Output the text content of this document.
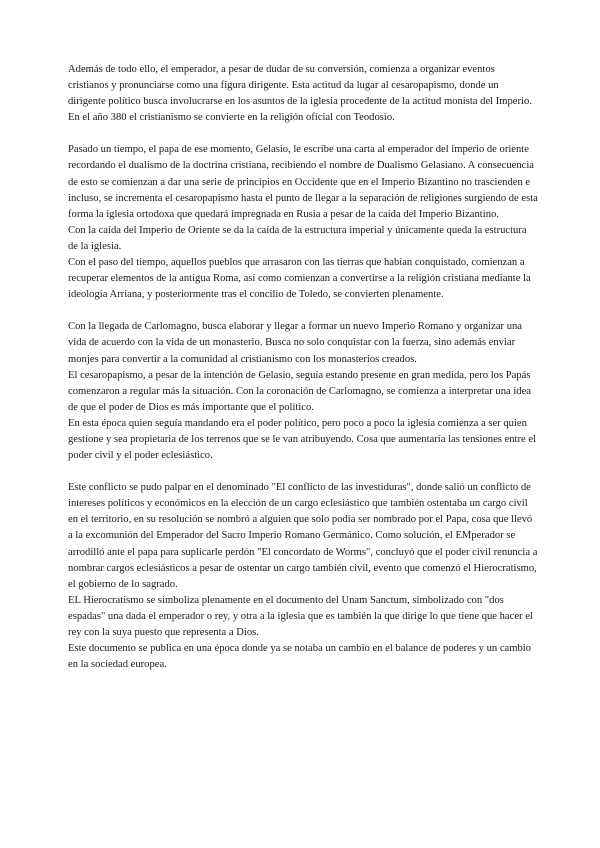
Además de todo ello, el emperador, a pesar de dudar de su conversión, comienza a organizar eventos cristianos y pronunciarse como una figura dirigente. Esta actitud da lugar al cesaropapismo, donde un dirigente político busca involucrarse en los asuntos de la iglesia procedente de la actitud monista del Imperio.

En el año 380 el cristianismo se convierte en la religión oficial con Teodosio.

Pasado un tiempo, el papa de ese momento, Gelasio, le escribe una carta al emperador del imperio de oriente recordando el dualismo de la doctrina cristiana, recibiendo el nombre de Dualismo Gelasiano. A consecuencia de esto se comienzan a dar una serie de principios en Occidente que en el Imperio Bizantino no trascienden e incluso, se incrementa el cesaropapismo hasta el punto de llegar a la separación de religiones surgiendo de esta forma la iglesia ortodoxa que quedará impregnada en Rusia a pesar de la caída del Imperio Bizantino.

Con la caída del Imperio de Oriente se da la caída de la estructura imperial y únicamente queda la estructura de la iglesia.

Con el paso del tiempo, aquellos pueblos que arrasaron con las tierras que habían conquistado, comienzan a recuperar elementos de la antigua Roma, así como comienzan a convertirse a la religión cristiana mediante la ideología Arriana, y posteriormente tras el concilio de Toledo, se convierten plenamente.

Con la llegada de Carlomagno, busca elaborar y llegar a formar un nuevo Imperio Romano y organizar una vida de acuerdo con la vida de un monasterio. Busca no solo conquistar con la fuerza, sino además enviar monjes para convertir a la comunidad al cristianismo con los monasterios creados.

El cesaropapismo, a pesar de la intención de Gelasio, seguía estando presente en gran medida, pero los Papás comenzaron a regular más la situación. Con la coronación de Carlomagno, se comienza a interpretar una idea de que el poder de Dios es más importante que el político.

En esta época quien seguía mandando era el poder político, pero poco a poco la iglesia comienza a ser quien gestione y sea propietaria de los terrenos que se le van atribuyendo. Cosa que aumentaría las tensiones entre el poder civil y el poder eclesiástico.

Este conflicto se pudo palpar en el denominado "El conflicto de las investiduras", donde salió un conflicto de intereses políticos y económicos en la elección de un cargo eclesiástico que también ostentaba un cargo civil en el territorio, en su resolución se nombró a alguien que solo podía ser nombrado por el Papa, cosa que llevó a la excomunión del Emperador del Sacro Imperio Romano Germánico. Como solución, el EMperador se arrodilló ante el papa para suplicarle perdón "El concordato de Worms", concluyó que el poder civil renuncia a nombrar cargos eclesiásticos a pesar de ostentar un cargo también civil, evento que comenzó el Hierocratismo, el gobierno de lo sagrado.

EL Hierocratismo se simboliza plenamente en el documento del Unam Sanctum, simbolizado con "dos espadas" una dada el emperador o rey, y otra a la iglesia que es también la que dirige lo que tiene que hacer el rey con la suya puesto que representa a Dios.

Este documento se publica en una época donde ya se notaba un cambio en el balance de poderes y un cambio en la sociedad europea.
